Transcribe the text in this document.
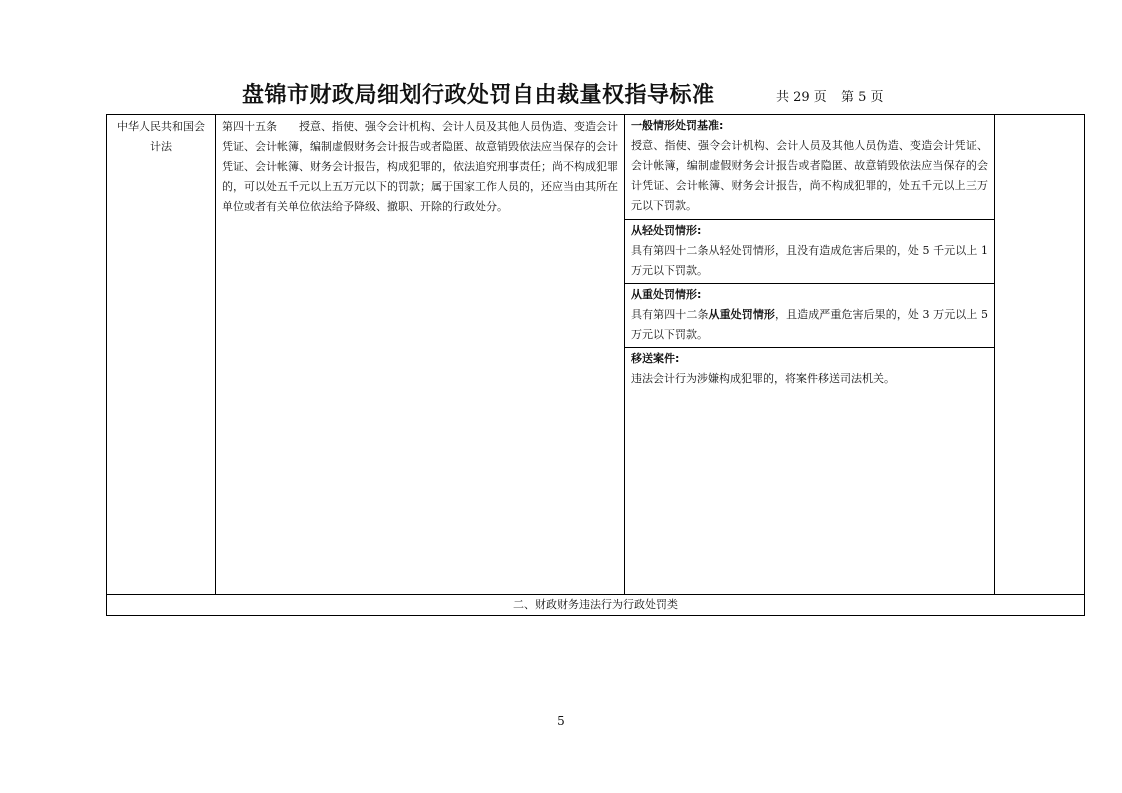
盘锦市财政局细划行政处罚自由裁量权指导标准	共 29 页 第 5 页
中华人民共和国会计法	第四十五条 授意、指使、强令会计机构、会计人员及其他人员伪造、变造会计凭证、会计帐簿，编制虚假财务会计报告或者隐匿、故意销毁依法应当保存的会计凭证、会计帐簿、财务会计报告，构成犯罪的，依法追究刑事责任；尚不构成犯罪的，可以处五千元以上五万元以下的罚款；属于国家工作人员的，还应当由其所在单位或者有关单位依法给予降级、撤职、开除的行政处分。	
一般情形处罚基准:
授意、指使、强令会计机构、会计人员及其他人员伪造、变造会计凭证、会计帐簿，编制虚假财务会计报告或者隐匿、故意销毁依法应当保存的会计凭证、会计帐簿、财务会计报告，尚不构成犯罪的，处五千元以上三万元以下罚款。
从轻处罚情形:
具有第四十二条从轻处罚情形，且没有造成危害后果的，处 5 千元以上 1 万元以下罚款。
从重处罚情形:
具有第四十二条从重处罚情形，且造成严重危害后果的，处 3 万元以上 5 万元以下罚款。
移送案件:
违法会计行为涉嫌构成犯罪的，将案件移送司法机关。

二、财政财务违法行为行政处罚类
5
